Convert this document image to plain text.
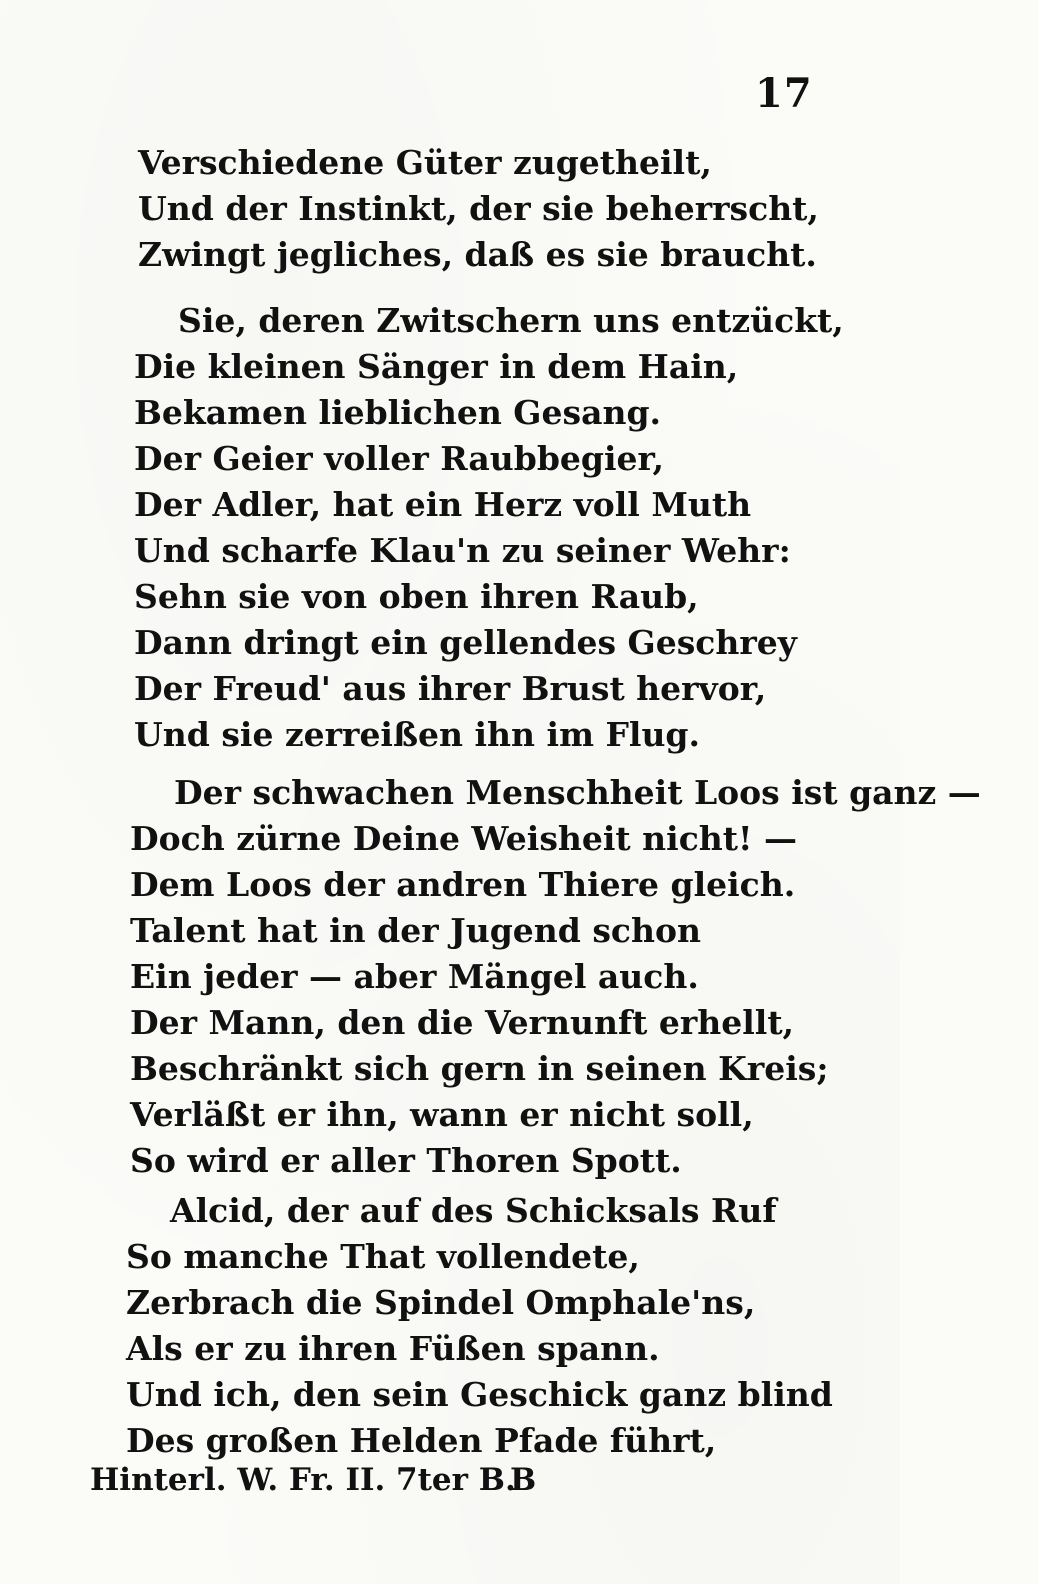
17
Verschiedene Güter zugetheilt,
Und der Instinkt, der sie beherrscht,
Zwingt jegliches, daß es sie braucht.
Sie, deren Zwitschern uns entzückt,
Die kleinen Sänger in dem Hain,
Bekamen lieblichen Gesang.
Der Geier voller Raubbegier,
Der Adler, hat ein Herz voll Muth
Und scharfe Klau'n zu seiner Wehr:
Sehn sie von oben ihren Raub,
Dann dringt ein gellendes Geschrey
Der Freud' aus ihrer Brust hervor,
Und sie zerreißen ihn im Flug.
Der schwachen Menschheit Loos ist ganz —
Doch zürne Deine Weisheit nicht! —
Dem Loos der andren Thiere gleich.
Talent hat in der Jugend schon
Ein jeder — aber Mängel auch.
Der Mann, den die Vernunft erhellt,
Beschränkt sich gern in seinen Kreis;
Verläßt er ihn, wann er nicht soll,
So wird er aller Thoren Spott.
Alcid, der auf des Schicksals Ruf
So manche That vollendete,
Zerbrach die Spindel Omphale'ns,
Als er zu ihren Füßen spann.
Und ich, den sein Geschick ganz blind
Des großen Helden Pfade führt,
Hinterl. W. Fr. II. 7ter B.
B
